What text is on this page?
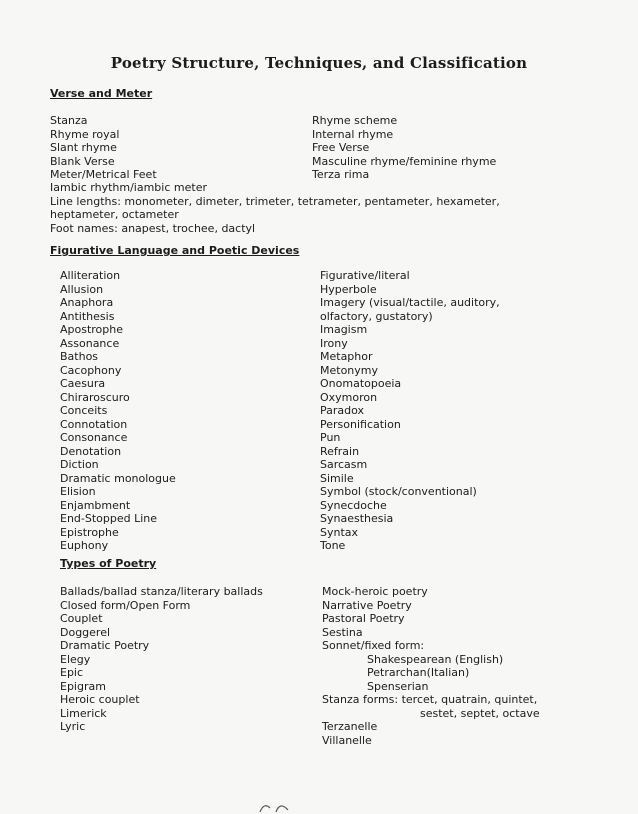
Poetry Structure, Techniques, and Classification
Verse and Meter
Stanza
Rhyme royal
Slant rhyme
Blank Verse
Meter/Metrical Feet
Rhyme scheme
Internal rhyme
Free Verse
Masculine rhyme/feminine rhyme
Terza rima
Iambic rhythm/iambic meter
Line lengths: monometer, dimeter, trimeter, tetrameter, pentameter, hexameter,
heptameter, octameter
Foot names: anapest, trochee, dactyl
Figurative Language and Poetic Devices
Alliteration
Allusion
Anaphora
Antithesis
Apostrophe
Assonance
Bathos
Cacophony
Caesura
Chiraroscuro
Conceits
Connotation
Consonance
Denotation
Diction
Dramatic monologue
Elision
Enjambment
End-Stopped Line
Epistrophe
Euphony
Figurative/literal
Hyperbole
Imagery (visual/tactile, auditory,
olfactory, gustatory)
Imagism
Irony
Metaphor
Metonymy
Onomatopoeia
Oxymoron
Paradox
Personification
Pun
Refrain
Sarcasm
Simile
Symbol (stock/conventional)
Synecdoche
Synaesthesia
Syntax
Tone
Types of Poetry
Ballads/ballad stanza/literary ballads
Closed form/Open Form
Couplet
Doggerel
Dramatic Poetry
Elegy
Epic
Epigram
Heroic couplet
Limerick
Lyric
Mock-heroic poetry
Narrative Poetry
Pastoral Poetry
Sestina
Sonnet/fixed form:
Shakespearean (English)
Petrarchan(Italian)
Spenserian
Stanza forms: tercet, quatrain, quintet,
sestet, septet, octave
Terzanelle
Villanelle
